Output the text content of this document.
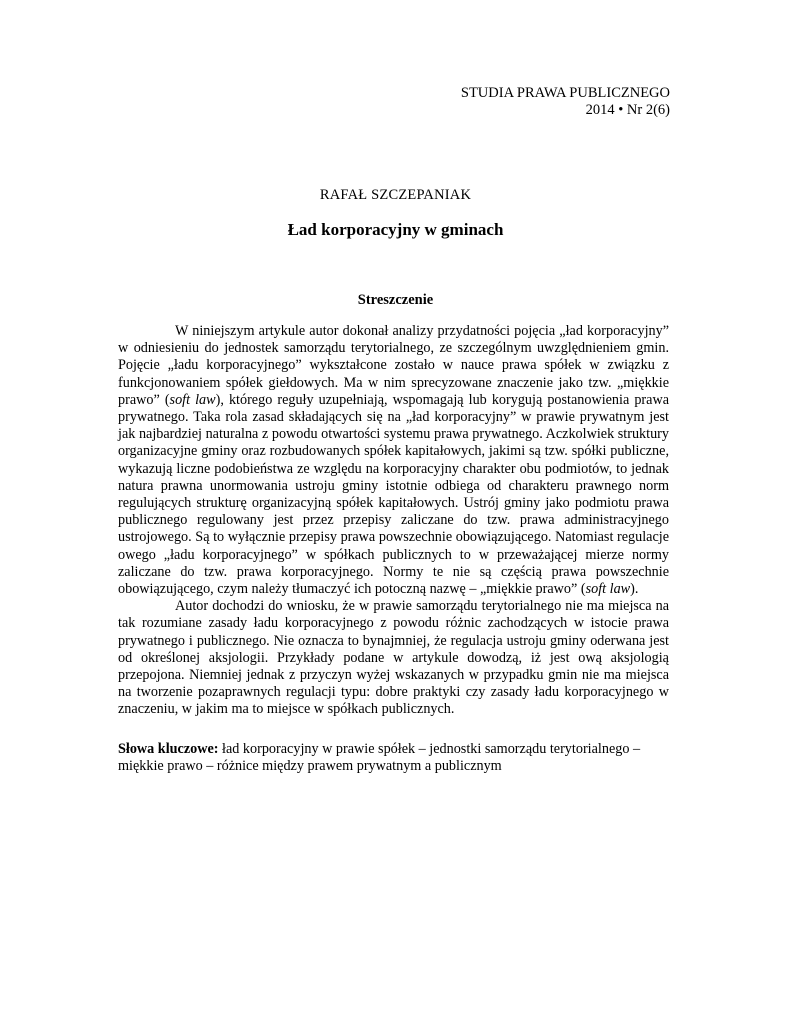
STUDIA PRAWA PUBLICZNEGO
2014 • Nr 2(6)
RAFAŁ SZCZEPANIAK
Ład korporacyjny w gminach
Streszczenie

W niniejszym artykule autor dokonał analizy przydatności pojęcia „ład korporacyjny” w odniesieniu do jednostek samorządu terytorialnego, ze szczególnym uwzględnieniem gmin. Pojęcie „ładu korporacyjnego” wykształcone zostało w nauce prawa spółek w związku z funkcjonowaniem spółek giełdowych. Ma w nim sprecyzowane znaczenie jako tzw. „miękkie prawo” (soft law), którego reguły uzupełniają, wspomagają lub korygują postanowienia prawa prywatnego. Taka rola zasad składających się na „ład korporacyjny” w prawie prywatnym jest jak najbardziej naturalna z powodu otwartości systemu prawa prywatnego. Aczkolwiek struktury organizacyjne gminy oraz rozbudowanych spółek kapitałowych, jakimi są tzw. spółki publiczne, wykazują liczne podobieństwa ze względu na korporacyjny charakter obu podmiotów, to jednak natura prawna unormowania ustroju gminy istotnie odbiega od charakteru prawnego norm regulujących strukturę organizacyjną spółek kapitałowych. Ustrój gminy jako podmiotu prawa publicznego regulowany jest przez przepisy zaliczane do tzw. prawa administracyjnego ustrojowego. Są to wyłącznie przepisy prawa powszechnie obowiązującego. Natomiast regulacje owego „ładu korporacyjnego” w spółkach publicznych to w przeważającej mierze normy zaliczane do tzw. prawa korporacyjnego. Normy te nie są częścią prawa powszechnie obowiązującego, czym należy tłumaczyć ich potoczną nazwę – „miękkie prawo” (soft law).

Autor dochodzi do wniosku, że w prawie samorządu terytorialnego nie ma miejsca na tak rozumiane zasady ładu korporacyjnego z powodu różnic zachodzących w istocie prawa prywatnego i publicznego. Nie oznacza to bynajmniej, że regulacja ustroju gminy oderwana jest od określonej aksjologii. Przykłady podane w artykule dowodzą, iż jest ową aksjologią przepojona. Niemniej jednak z przyczyn wyżej wskazanych w przypadku gmin nie ma miejsca na tworzenie pozaprawnych regulacji typu: dobre praktyki czy zasady ładu korporacyjnego w znaczeniu, w jakim ma to miejsce w spółkach publicznych.

Słowa kluczowe: ład korporacyjny w prawie spółek – jednostki samorządu terytorialnego – miękkie prawo – różnice między prawem prywatnym a publicznym
